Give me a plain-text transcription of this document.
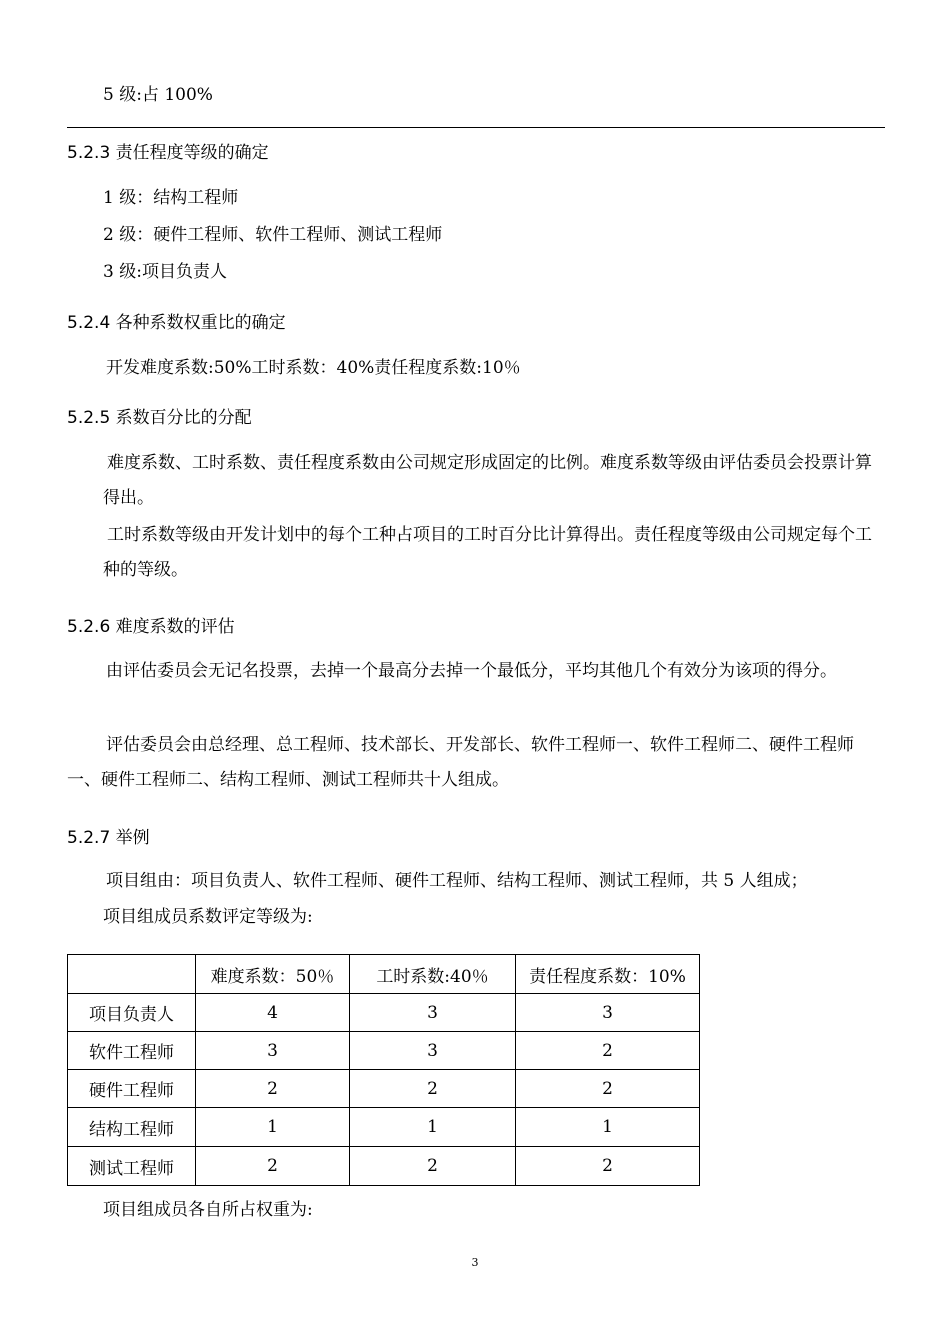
5 级:占 100%
5.2.3 责任程度等级的确定
1 级：结构工程师
2 级：硬件工程师、软件工程师、测试工程师
3 级:项目负责人
5.2.4 各种系数权重比的确定
开发难度系数:50%工时系数：40%责任程度系数:10％
5.2.5 系数百分比的分配
难度系数、工时系数、责任程度系数由公司规定形成固定的比例。难度系数等级由评估委员会投票计算得出。
工时系数等级由开发计划中的每个工种占项目的工时百分比计算得出。责任程度等级由公司规定每个工种的等级。
5.2.6 难度系数的评估
由评估委员会无记名投票，去掉一个最高分去掉一个最低分，平均其他几个有效分为该项的得分。
评估委员会由总经理、总工程师、技术部长、开发部长、软件工程师一、软件工程师二、硬件工程师一、硬件工程师二、结构工程师、测试工程师共十人组成。
5.2.7 举例
项目组由：项目负责人、软件工程师、硬件工程师、结构工程师、测试工程师，共 5 人组成；
项目组成员系数评定等级为:
	难度系数：50％	工时系数:40％	责任程度系数：10%
项目负责人	4	3	3
软件工程师	3	3	2
硬件工程师	2	2	2
结构工程师	1	1	1
测试工程师	2	2	2
项目组成员各自所占权重为:
3
